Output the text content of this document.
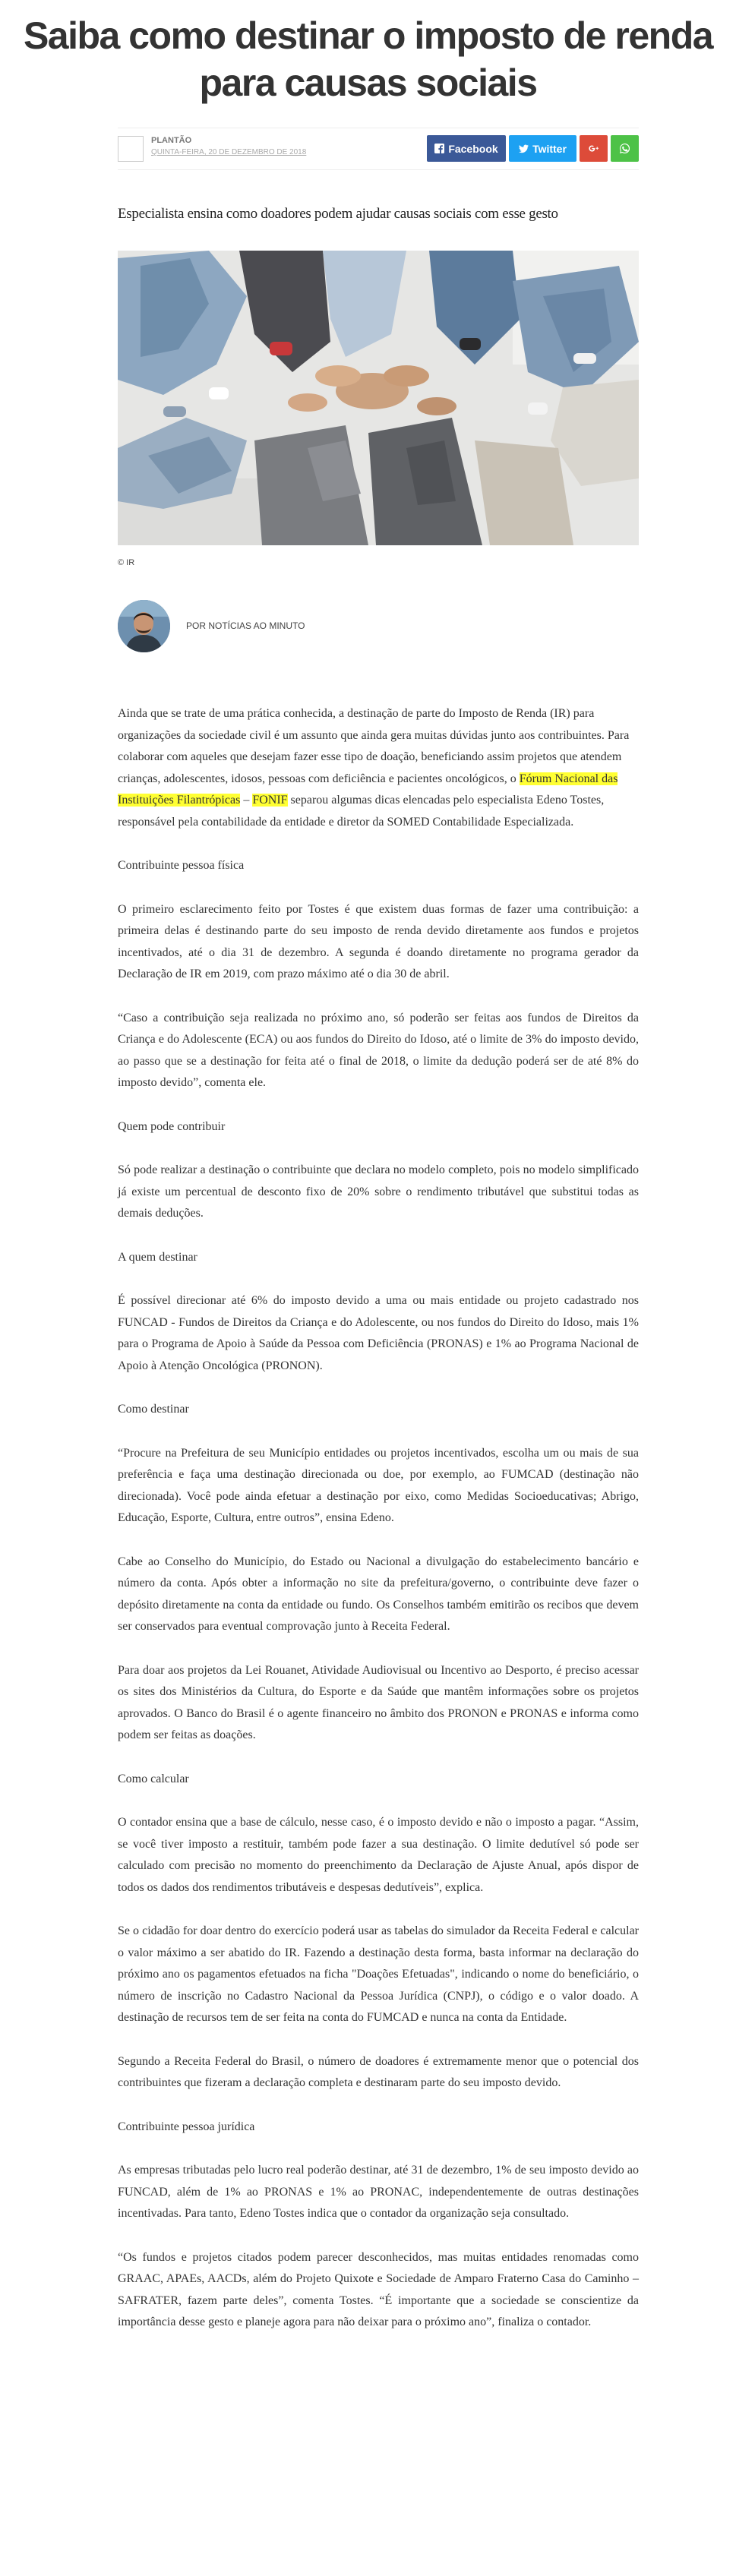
Saiba como destinar o imposto de renda para causas sociais
PLANTÃO
QUINTA-FEIRA, 20 DE DEZEMBRO DE 2018	Facebook	Twitter

Especialista ensina como doadores podem ajudar causas sociais com esse gesto

© IR
POR NOTÍCIAS AO MINUTO

Ainda que se trate de uma prática conhecida, a destinação de parte do Imposto de Renda (IR) para organizações da sociedade civil é um assunto que ainda gera muitas dúvidas junto aos contribuintes. Para colaborar com aqueles que desejam fazer esse tipo de doação, beneficiando assim projetos que atendem crianças, adolescentes, idosos, pessoas com deficiência e pacientes oncológicos, o Fórum Nacional das Instituições Filantrópicas – FONIF separou algumas dicas elencadas pelo especialista Edeno Tostes, responsável pela contabilidade da entidade e diretor da SOMED Contabilidade Especializada.

Contribuinte pessoa física

O primeiro esclarecimento feito por Tostes é que existem duas formas de fazer uma contribuição: a primeira delas é destinando parte do seu imposto de renda devido diretamente aos fundos e projetos incentivados, até o dia 31 de dezembro. A segunda é doando diretamente no programa gerador da Declaração de IR em 2019, com prazo máximo até o dia 30 de abril.

“Caso a contribuição seja realizada no próximo ano, só poderão ser feitas aos fundos de Direitos da Criança e do Adolescente (ECA) ou aos fundos do Direito do Idoso, até o limite de 3% do imposto devido, ao passo que se a destinação for feita até o final de 2018, o limite da dedução poderá ser de até 8% do imposto devido”, comenta ele.

Quem pode contribuir

Só pode realizar a destinação o contribuinte que declara no modelo completo, pois no modelo simplificado já existe um percentual de desconto fixo de 20% sobre o rendimento tributável que substitui todas as demais deduções.

A quem destinar

É possível direcionar até 6% do imposto devido a uma ou mais entidade ou projeto cadastrado nos FUNCAD - Fundos de Direitos da Criança e do Adolescente, ou nos fundos do Direito do Idoso, mais 1% para o Programa de Apoio à Saúde da Pessoa com Deficiência (PRONAS) e 1% ao Programa Nacional de Apoio à Atenção Oncológica (PRONON).

Como destinar

“Procure na Prefeitura de seu Município entidades ou projetos incentivados, escolha um ou mais de sua preferência e faça uma destinação direcionada ou doe, por exemplo, ao FUMCAD (destinação não direcionada). Você pode ainda efetuar a destinação por eixo, como Medidas Socioeducativas; Abrigo, Educação, Esporte, Cultura, entre outros”, ensina Edeno.

Cabe ao Conselho do Município, do Estado ou Nacional a divulgação do estabelecimento bancário e número da conta. Após obter a informação no site da prefeitura/governo, o contribuinte deve fazer o depósito diretamente na conta da entidade ou fundo. Os Conselhos também emitirão os recibos que devem ser conservados para eventual comprovação junto à Receita Federal.

Para doar aos projetos da Lei Rouanet, Atividade Audiovisual ou Incentivo ao Desporto, é preciso acessar os sites dos Ministérios da Cultura, do Esporte e da Saúde que mantêm informações sobre os projetos aprovados. O Banco do Brasil é o agente financeiro no âmbito dos PRONON e PRONAS e informa como podem ser feitas as doações.

Como calcular

O contador ensina que a base de cálculo, nesse caso, é o imposto devido e não o imposto a pagar. “Assim, se você tiver imposto a restituir, também pode fazer a sua destinação. O limite dedutível só pode ser calculado com precisão no momento do preenchimento da Declaração de Ajuste Anual, após dispor de todos os dados dos rendimentos tributáveis e despesas dedutíveis”, explica.

Se o cidadão for doar dentro do exercício poderá usar as tabelas do simulador da Receita Federal e calcular o valor máximo a ser abatido do IR. Fazendo a destinação desta forma, basta informar na declaração do próximo ano os pagamentos efetuados na ficha "Doações Efetuadas", indicando o nome do beneficiário, o número de inscrição no Cadastro Nacional da Pessoa Jurídica (CNPJ), o código e o valor doado. A destinação de recursos tem de ser feita na conta do FUMCAD e nunca na conta da Entidade.

Segundo a Receita Federal do Brasil, o número de doadores é extremamente menor que o potencial dos contribuintes que fizeram a declaração completa e destinaram parte do seu imposto devido.

Contribuinte pessoa jurídica

As empresas tributadas pelo lucro real poderão destinar, até 31 de dezembro, 1% de seu imposto devido ao FUNCAD, além de 1% ao PRONAS e 1% ao PRONAC, independentemente de outras destinações incentivadas. Para tanto, Edeno Tostes indica que o contador da organização seja consultado.

“Os fundos e projetos citados podem parecer desconhecidos, mas muitas entidades renomadas como GRAAC, APAEs, AACDs, além do Projeto Quixote e Sociedade de Amparo Fraterno Casa do Caminho – SAFRATER, fazem parte deles”, comenta Tostes. “É importante que a sociedade se conscientize da importância desse gesto e planeje agora para não deixar para o próximo ano”, finaliza o contador.
